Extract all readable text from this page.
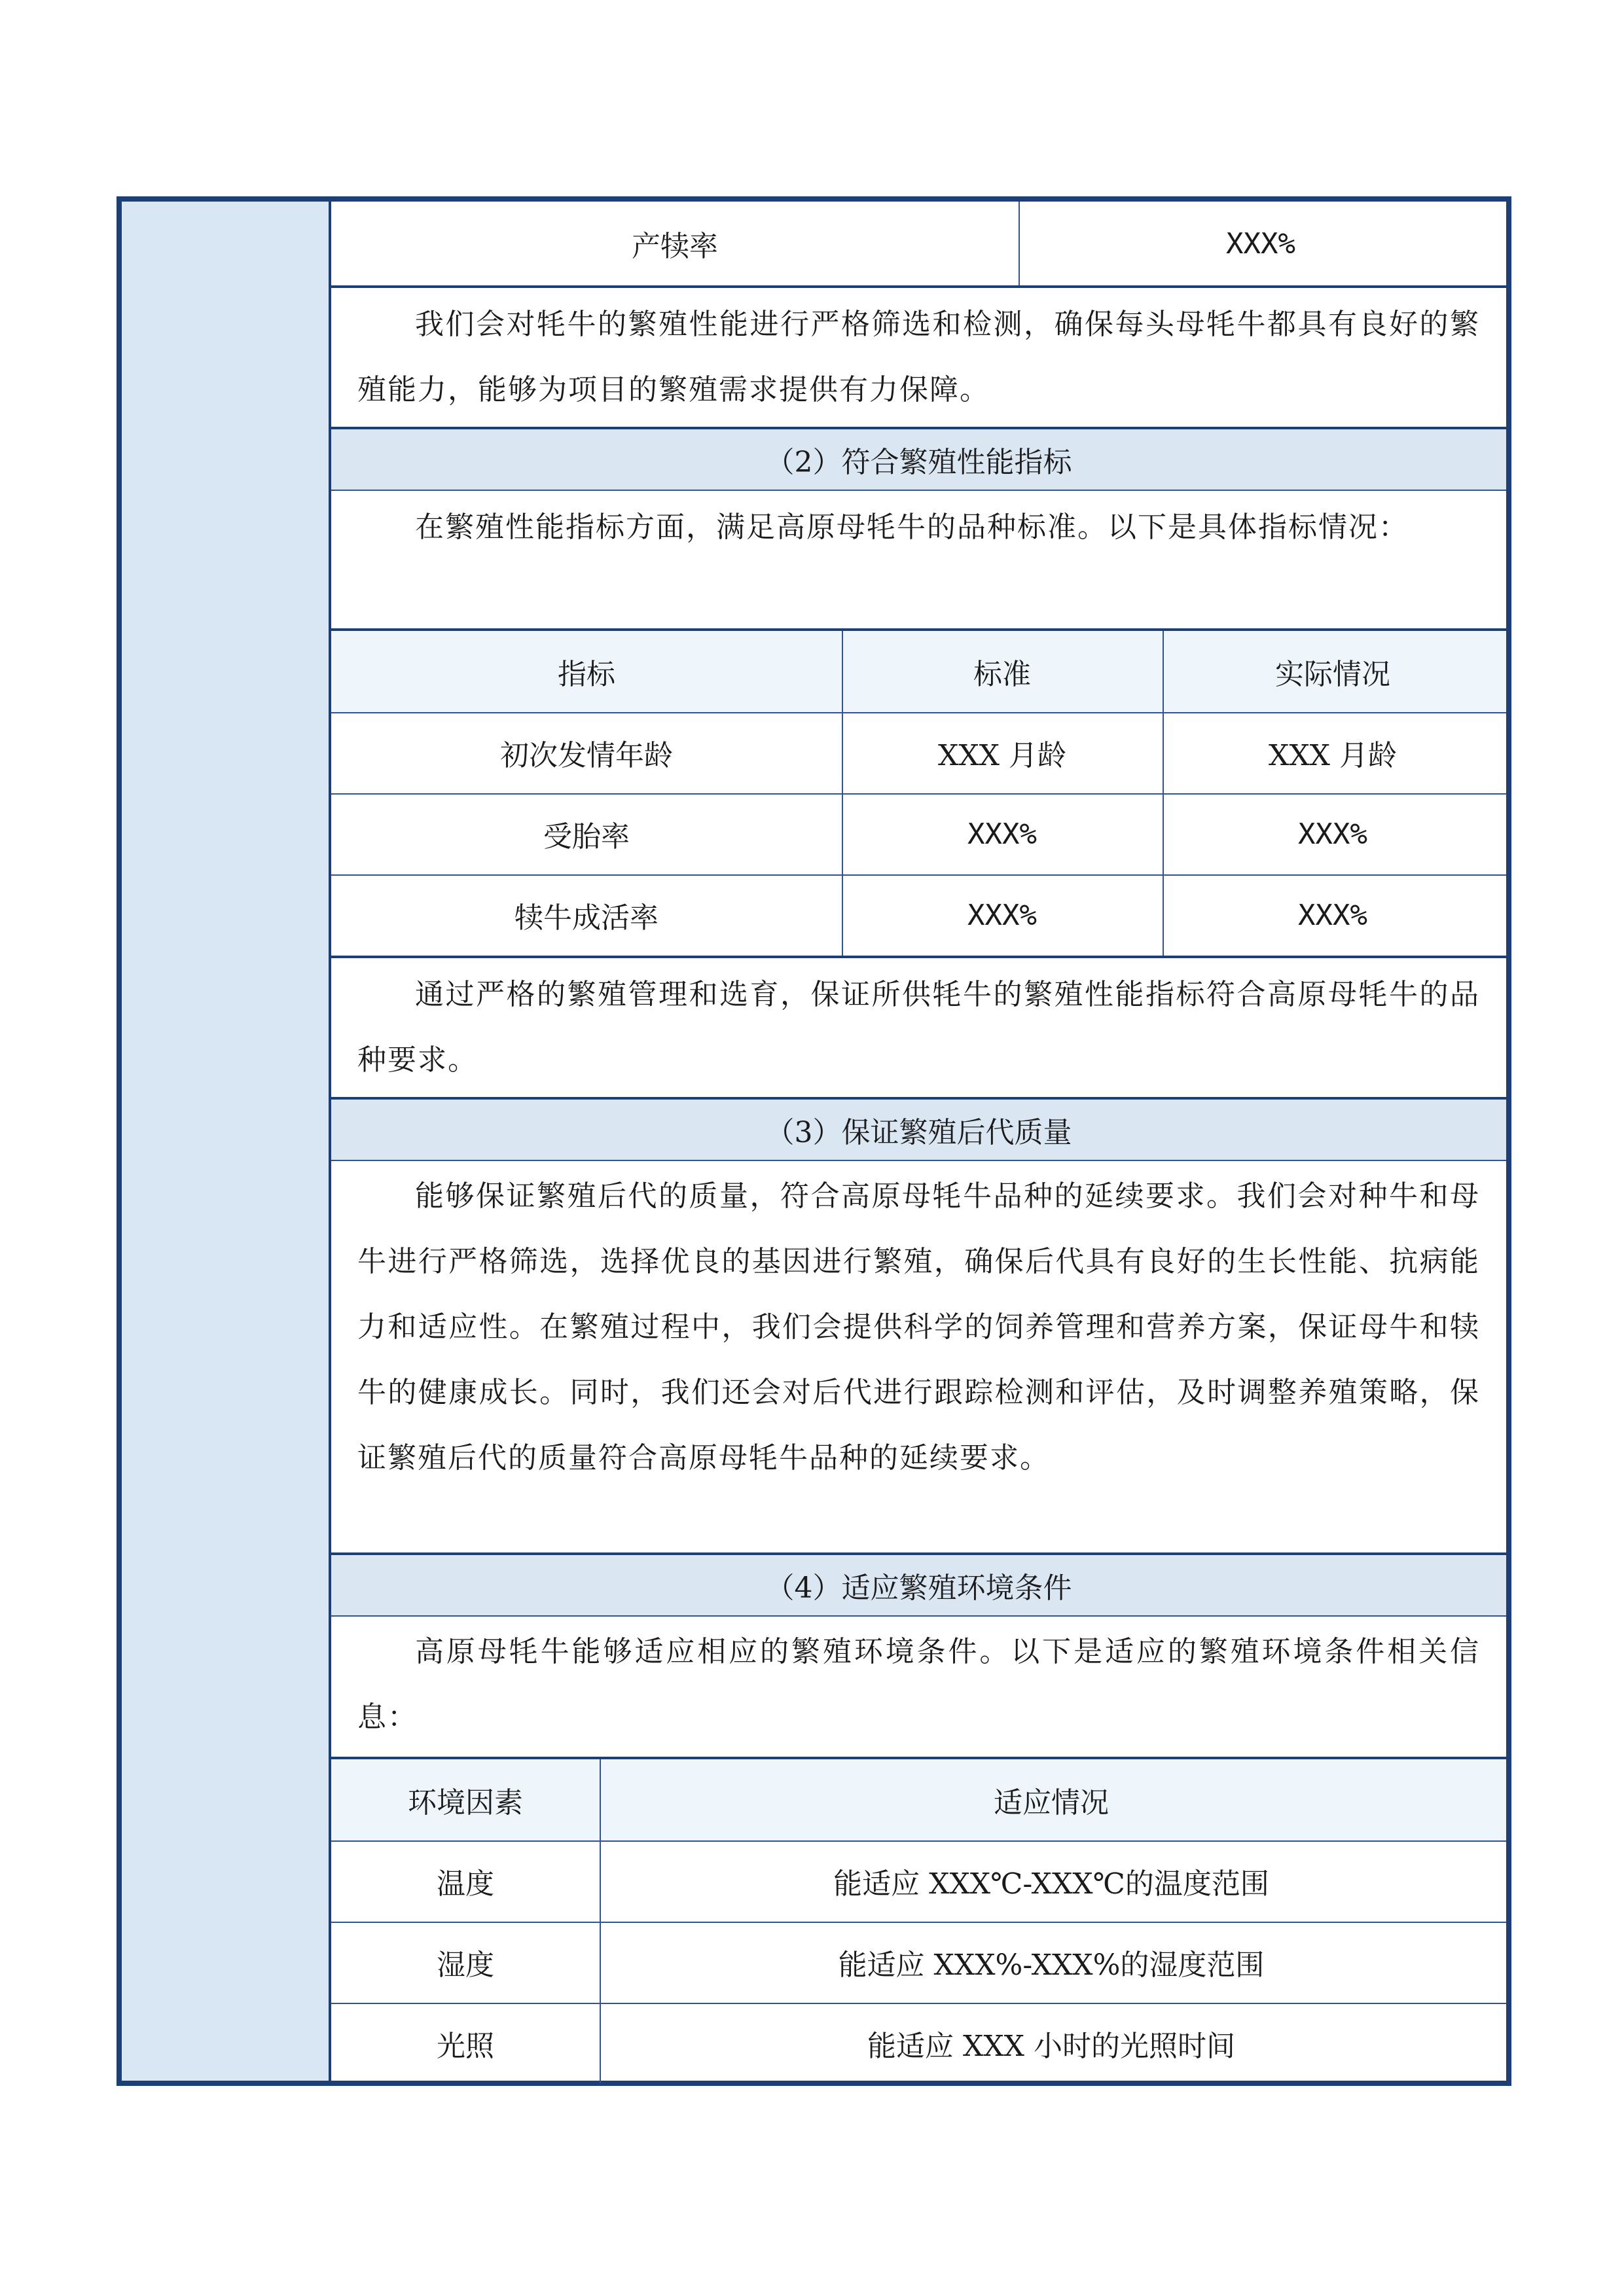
产犊率	XXX%
我们会对牦牛的繁殖性能进行严格筛选和检测，确保每头母牦牛都具有良好的繁殖能力，能够为项目的繁殖需求提供有力保障。
（2）符合繁殖性能指标
在繁殖性能指标方面，满足高原母牦牛的品种标准。以下是具体指标情况：
指标	标准	实际情况
初次发情年龄	XXX 月龄	XXX 月龄
受胎率	XXX%	XXX%
犊牛成活率	XXX%	XXX%
通过严格的繁殖管理和选育，保证所供牦牛的繁殖性能指标符合高原母牦牛的品种要求。
（3）保证繁殖后代质量
能够保证繁殖后代的质量，符合高原母牦牛品种的延续要求。我们会对种牛和母牛进行严格筛选，选择优良的基因进行繁殖，确保后代具有良好的生长性能、抗病能力和适应性。在繁殖过程中，我们会提供科学的饲养管理和营养方案，保证母牛和犊牛的健康成长。同时，我们还会对后代进行跟踪检测和评估，及时调整养殖策略，保证繁殖后代的质量符合高原母牦牛品种的延续要求。
（4）适应繁殖环境条件
高原母牦牛能够适应相应的繁殖环境条件。以下是适应的繁殖环境条件相关信息：
环境因素	适应情况
温度	能适应 XXX℃-XXX℃的温度范围
湿度	能适应 XXX%-XXX%的湿度范围
光照	能适应 XXX 小时的光照时间
